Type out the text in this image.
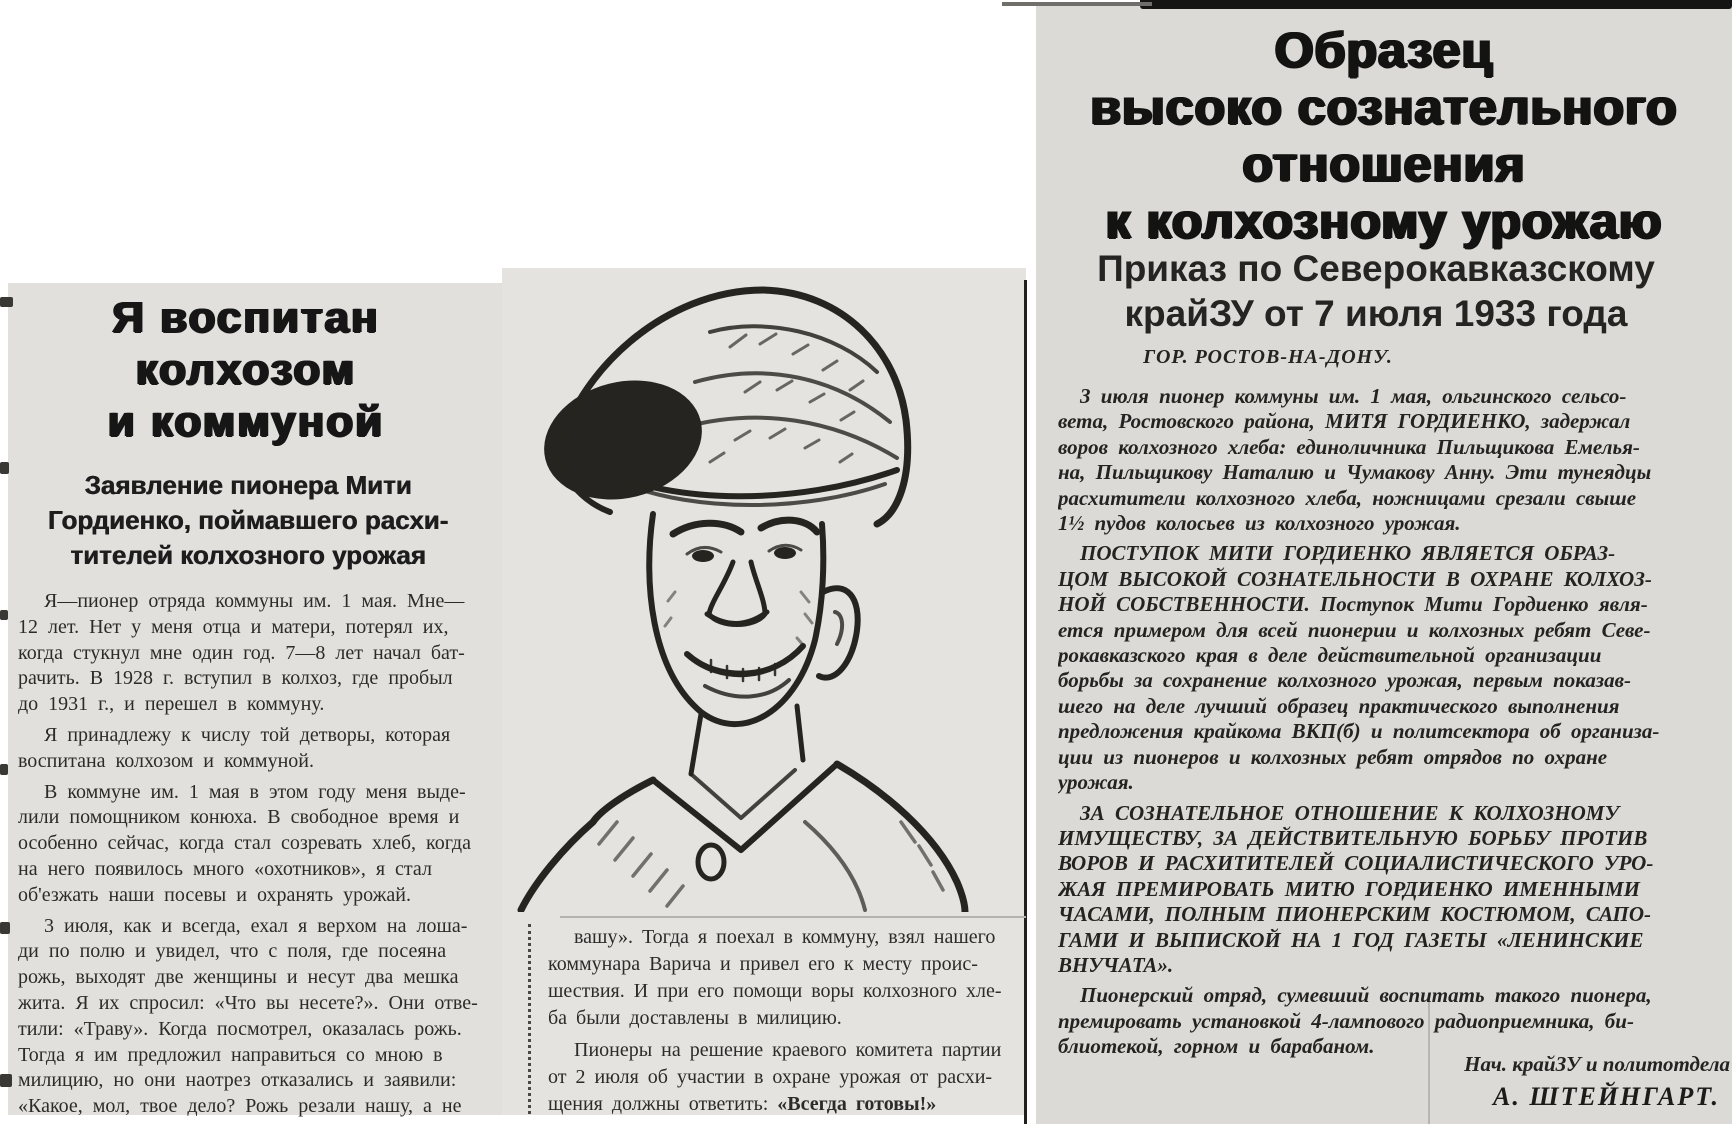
Я воспитан
колхозом
и коммуной
Заявление пионера Мити
Гордиенко, поймавшего расхи-
тителей колхозного урожая
Я—пионер отряда коммуны им. 1 мая. Мне—
12 лет. Нет у меня отца и матери, потерял их,
когда стукнул мне один год. 7—8 лет начал бат-
рачить. В 1928 г. вступил в колхоз, где пробыл
до 1931 г., и перешел в коммуну.
Я принадлежу к числу той детворы, которая
воспитана колхозом и коммуной.
В коммуне им. 1 мая в этом году меня выде-
лили помощником конюха. В свободное время и
особенно сейчас, когда стал созревать хлеб, когда
на него появилось много «охотников», я стал
об'езжать наши посевы и охранять урожай.
3 июля, как и всегда, ехал я верхом на лоша-
ди по полю и увидел, что с поля, где посеяна
рожь, выходят две женщины и несут два мешка
жита. Я их спросил: «Что вы несете?». Они отве-
тили: «Траву». Когда посмотрел, оказалась рожь.
Тогда я им предложил направиться со мною в
милицию, но они наотрез отказались и заявили:
«Какое, мол, твое дело? Рожь резали нашу, а не
вашу». Тогда я поехал в коммуну, взял нашего
коммунара Варича и привел его к месту проис-
шествия. И при его помощи воры колхозного хле-
ба были доставлены в милицию.
Пионеры на решение краевого комитета партии
от 2 июля об участии в охране урожая от расхи-
щения должны ответить: «Всегда готовы!»
Образец
высоко сознательного
отношения
к колхозному урожаю
Приказ по Северокавказскому
крайЗУ от 7 июля 1933 года
ГОР. РОСТОВ-НА-ДОНУ.
3 июля пионер коммуны им. 1 мая, ольгинского сельсо-
вета, Ростовского района, МИТЯ ГОРДИЕНКО, задержал
воров колхозного хлеба: единоличника Пильщикова Емелья-
на, Пильщикову Наталию и Чумакову Анну. Эти тунеядцы
расхитители колхозного хлеба, ножницами срезали свыше
1½ пудов колосьев из колхозного урожая.
ПОСТУПОК МИТИ ГОРДИЕНКО ЯВЛЯЕТСЯ ОБРАЗ-
ЦОМ ВЫСОКОЙ СОЗНАТЕЛЬНОСТИ В ОХРАНЕ КОЛХОЗ-
НОЙ СОБСТВЕННОСТИ. Поступок Мити Гордиенко явля-
ется примером для всей пионерии и колхозных ребят Севе-
рокавказского края в деле действительной организации
борьбы за сохранение колхозного урожая, первым показав-
шего на деле лучший образец практического выполнения
предложения крайкома ВКП(б) и политсектора об организа-
ции из пионеров и колхозных ребят отрядов по охране
урожая.
ЗА СОЗНАТЕЛЬНОЕ ОТНОШЕНИЕ К КОЛХОЗНОМУ
ИМУЩЕСТВУ, ЗА ДЕЙСТВИТЕЛЬНУЮ БОРЬБУ ПРОТИВ
ВОРОВ И РАСХИТИТЕЛЕЙ СОЦИАЛИСТИЧЕСКОГО УРО-
ЖАЯ ПРЕМИРОВАТЬ МИТЮ ГОРДИЕНКО ИМЕННЫМИ
ЧАСАМИ, ПОЛНЫМ ПИОНЕРСКИМ КОСТЮМОМ, САПО-
ГАМИ И ВЫПИСКОЙ НА 1 ГОД ГАЗЕТЫ «ЛЕНИНСКИЕ
ВНУЧАТА».
Пионерский отряд, сумевший воспитать такого пионера,
премировать установкой 4-лампового радиоприемника, би-
блиотекой, горном и барабаном.
Нач. крайЗУ и политотдела
А. ШТЕЙНГАРТ.
